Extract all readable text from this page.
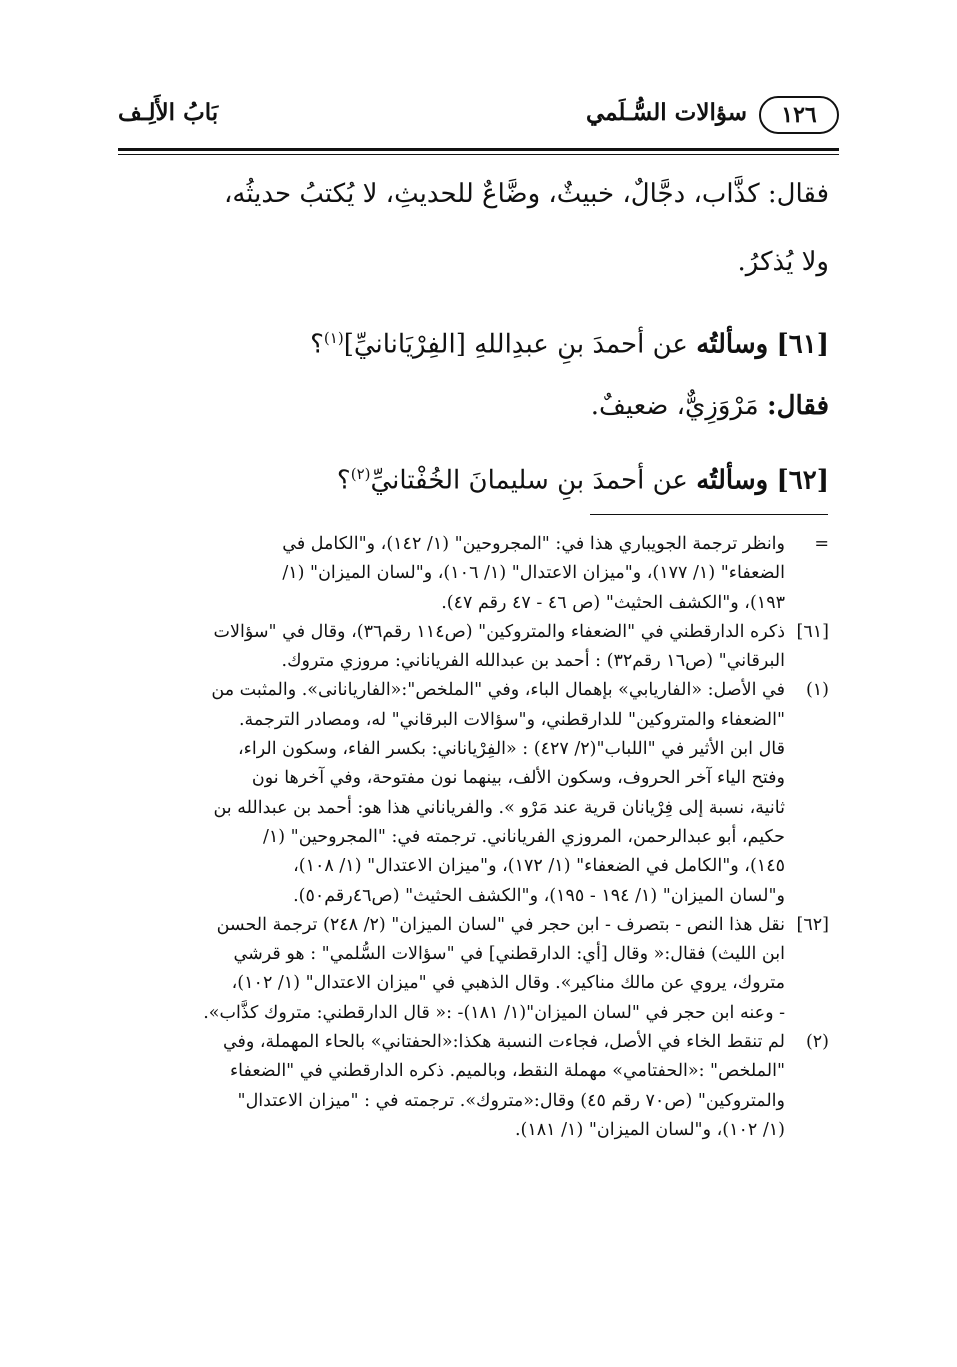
١٢٦
سؤالات السُّـلَمي
بَابُ الأَلِـف
فقال: كذَّاب، دجَّالٌ، خبيثٌ، وضَّاعٌ للحديثِ، لا يُكتبُ حديثُه،
ولا يُذكرُ.
[٦١] وسألتُه عن أحمدَ بنِ عبدِاللهِ [الفِرْيَانانيِّ]$^{(١)}$؟
فقال: مَرْوَزِيٌّ، ضعيفٌ.
[٦٢] وسألتُه عن أحمدَ بنِ سليمانَ الخُفْتانيِّ$^{(٢)}$؟
=

وانظر ترجمة الجويباري هذا في: "المجروحين" (١/ ١٤٢)، و"الكامل في

الضعفاء" (١/ ١٧٧)، و"ميزان الاعتدال" (١/ ١٠٦)، و"لسان الميزان" (١/

١٩٣)، و"الكشف الحثيث" (ص ٤٦ - ٤٧ رقم ٤٧).

[٦١]

ذكره الدارقطني في "الضعفاء والمتروكين" (ص١١٤ رقم٣٦)، وقال في "سؤالات

البرقاني" (ص١٦ رقم٣٢) : أحمد بن عبدالله الفرياناني: مروزي متروك.

(١)

في الأصل: «الفاريابي» بإهمال الباء، وفي "الملخص":«الفاريانانى». والمثبت من

"الضعفاء والمتروكين" للدارقطني، و"سؤالات البرقاني" له، ومصادر الترجمة.

قال ابن الأثير في "اللباب"(٢/ ٤٢٧) : «الفِرْياناني: بكسر الفاء، وسكون الراء،

وفتح الياء آخر الحروف، وسكون الألف، بينهما نون مفتوحة، وفي آخرها نون

ثانية، نسبة إلى فِرْيانان قرية عند مَرْو ». والفرياناني هذا هو: أحمد بن عبدالله بن

حكيم، أبو عبدالرحمن، المروزي الفرياناني. ترجمته في: "المجروحين" (١/

١٤٥)، و"الكامل في الضعفاء" (١/ ١٧٢)، و"ميزان الاعتدال" (١/ ١٠٨)،

و"لسان الميزان" (١/ ١٩٤ - ١٩٥)، و"الكشف الحثيث" (ص٤٦رقم٥٠).

[٦٢]

نقل هذا النص - بتصرف - ابن حجر في "لسان الميزان" (٢/ ٢٤٨) ترجمة الحسن

ابن الليث) فقال:« وقال [أي: الدارقطني] في "سؤالات السُّلمي" : هو قرشي

متروك، يروي عن مالك مناكير». وقال الذهبي في "ميزان الاعتدال" (١/ ١٠٢)،

- وعنه ابن حجر في "لسان الميزان"(١/ ١٨١)- :« قال الدارقطني: متروك كذَّاب».

(٢)

لم تنقط الخاء في الأصل، فجاءت النسبة هكذا:«الحفتاني» بالحاء المهملة، وفي

"الملخص" :«الحفتامي» مهملة النقط، وبالميم. ذكره الدارقطني في "الضعفاء

والمتروكين" (ص٧٠ رقم ٤٥) وقال:«متروك». ترجمته في : "ميزان الاعتدال"

(١/ ١٠٢)، و"لسان الميزان" (١/ ١٨١).
